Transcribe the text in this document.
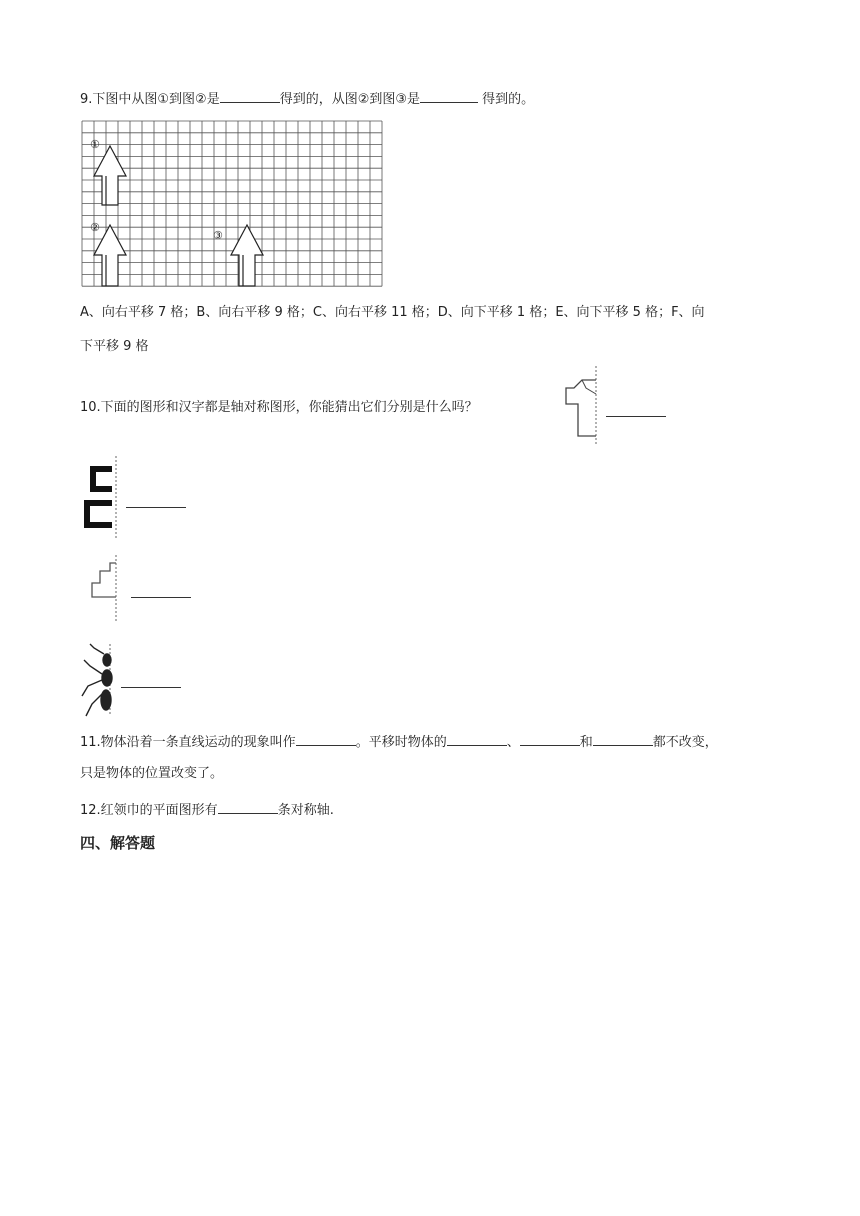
9.下图中从图①到图②是	得到的，从图②到图③是	得到的。
①
②
③
A、向右平移 7 格；B、向右平移 9 格；C、向右平移 11 格；D、向下平移 1 格；E、向下平移 5 格；F、向
下平移 9 格
10.下面的图形和汉字都是轴对称图形，你能猜出它们分别是什么吗？
11.物体沿着一条直线运动的现象叫作	。平移时物体的	、	和	都不改变，
只是物体的位置改变了。
12.红领巾的平面图形有	条对称轴.
四、解答题
